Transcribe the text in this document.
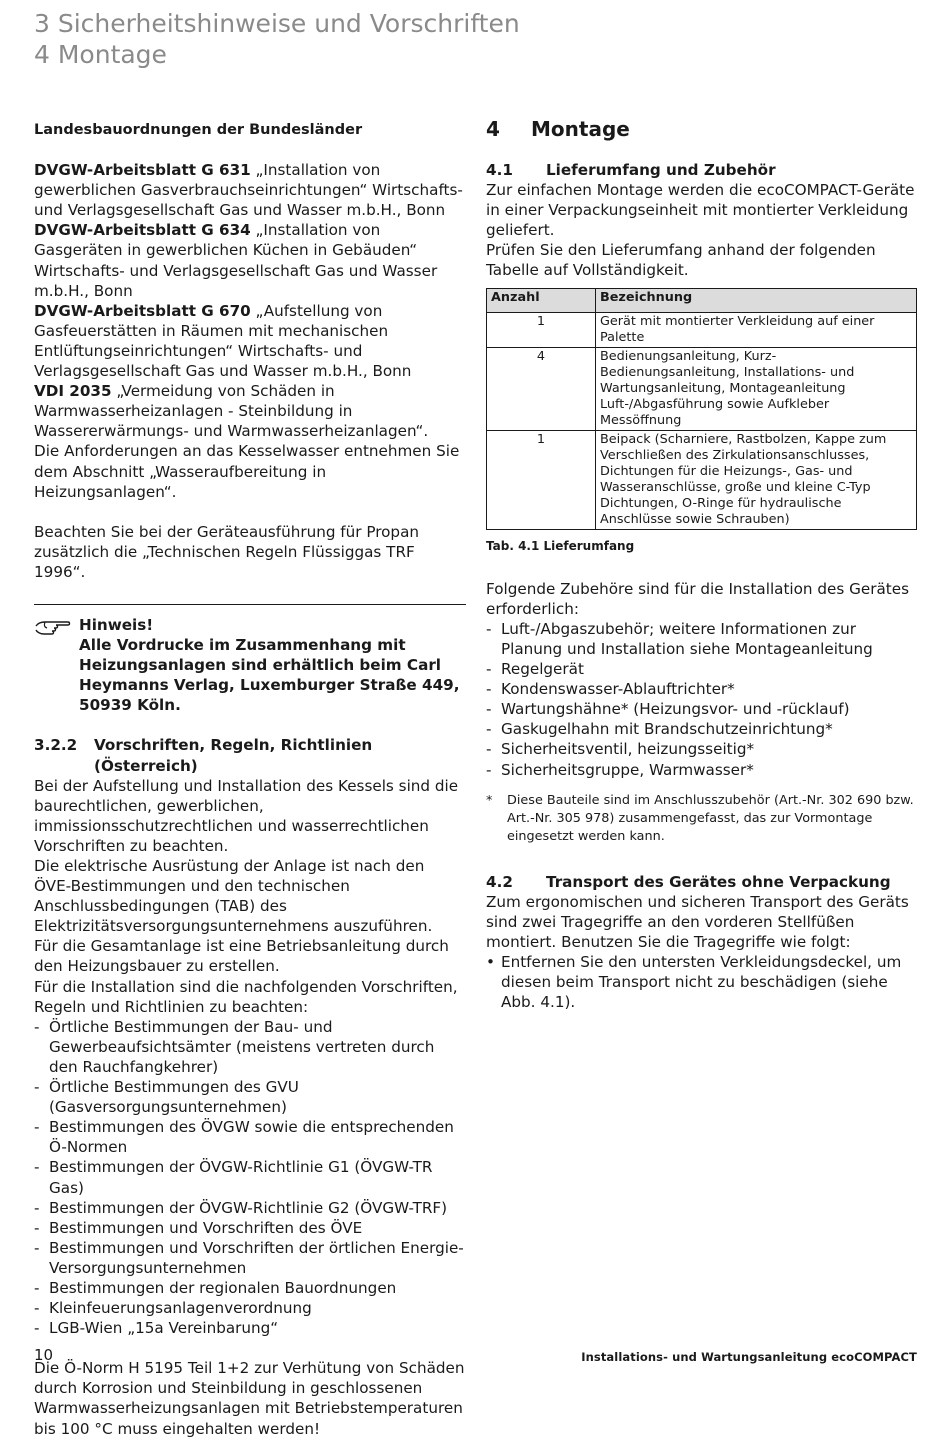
3 Sicherheitshinweise und Vorschriften
4 Montage

Landesbauordnungen der Bundesländer

DVGW-Arbeitsblatt G 631 „Installation von gewerblichen Gasverbrauchseinrichtungen“ Wirtschafts- und Verlagsgesellschaft Gas und Wasser m.b.H., Bonn

DVGW-Arbeitsblatt G 634 „Installation von Gasgeräten in gewerblichen Küchen in Gebäuden“ Wirtschafts- und Verlagsgesellschaft Gas und Wasser m.b.H., Bonn

DVGW-Arbeitsblatt G 670 „Aufstellung von Gasfeuerstätten in Räumen mit mechanischen Entlüftungseinrichtungen“ Wirtschafts- und Verlagsgesellschaft Gas und Wasser m.b.H., Bonn

VDI 2035 „Vermeidung von Schäden in Warmwasserheizanlagen - Steinbildung in Wassererwärmungs- und Warmwasserheizanlagen“.

Die Anforderungen an das Kesselwasser entnehmen Sie dem Abschnitt „Wasseraufbereitung in Heizungsanlagen“.

Beachten Sie bei der Geräteausführung für Propan zusätzlich die „Technischen Regeln Flüssiggas TRF 1996“.

Hinweis!

Alle Vordrucke im Zusammenhang mit Heizungsanlagen sind erhältlich beim Carl Heymanns Verlag, Luxemburger Straße 449, 50939 Köln.

3.2.2	Vorschriften, Regeln, Richtlinien (Österreich)

Bei der Aufstellung und Installation des Kessels sind die baurechtlichen, gewerblichen, immissionsschutzrechtlichen und wasserrechtlichen Vorschriften zu beachten.

Die elektrische Ausrüstung der Anlage ist nach den ÖVE-Bestimmungen und den technischen Anschlussbedingungen (TAB) des Elektrizitätsversorgungsunternehmens auszuführen.

Für die Gesamtanlage ist eine Betriebsanleitung durch den Heizungsbauer zu erstellen.

Für die Installation sind die nachfolgenden Vorschriften, Regeln und Richtlinien zu beachten:

- Örtliche Bestimmungen der Bau- und Gewerbeaufsichtsämter (meistens vertreten durch den Rauchfangkehrer)
- Örtliche Bestimmungen des GVU (Gasversorgungsunternehmen)
- Bestimmungen des ÖVGW sowie die entsprechenden Ö-Normen
- Bestimmungen der ÖVGW-Richtlinie G1 (ÖVGW-TR Gas)
- Bestimmungen der ÖVGW-Richtlinie G2 (ÖVGW-TRF)
- Bestimmungen und Vorschriften des ÖVE
- Bestimmungen und Vorschriften der örtlichen Energie-Versorgungsunternehmen
- Bestimmungen der regionalen Bauordnungen
- Kleinfeuerungsanlagenverordnung
- LGB-Wien „15a Vereinbarung“

Die Ö-Norm H 5195 Teil 1+2 zur Verhütung von Schäden durch Korrosion und Steinbildung in geschlossenen Warmwasserheizungsanlagen mit Betriebstemperaturen bis 100 °C muss eingehalten werden!

4	Montage
4.1	Lieferumfang und Zubehör

Zur einfachen Montage werden die ecoCOMPACT-Geräte in einer Verpackungseinheit mit montierter Verkleidung geliefert.

Prüfen Sie den Lieferumfang anhand der folgenden Tabelle auf Vollständigkeit.

Anzahl	Bezeichnung
1	Gerät mit montierter Verkleidung auf einer Palette
4	Bedienungsanleitung, Kurz-Bedienungsanleitung, Installations- und Wartungsanleitung, Montageanleitung Luft-/Abgasführung sowie Aufkleber Messöffnung
1	Beipack (Scharniere, Rastbolzen, Kappe zum Verschließen des Zirkulationsanschlusses, Dichtungen für die Heizungs-, Gas- und Wasseranschlüsse, große und kleine C-Typ Dichtungen, O-Ringe für hydraulische Anschlüsse sowie Schrauben)

Tab. 4.1 Lieferumfang

Folgende Zubehöre sind für die Installation des Gerätes erforderlich:

- Luft-/Abgaszubehör; weitere Informationen zur Planung und Installation siehe Montageanleitung
- Regelgerät
- Kondenswasser-Ablauftrichter*
- Wartungshähne* (Heizungsvor- und -rücklauf)
- Gaskugelhahn mit Brandschutzeinrichtung*
- Sicherheitsventil, heizungsseitig*
- Sicherheitsgruppe, Warmwasser*
*	Diese Bauteile sind im Anschlusszubehör (Art.-Nr. 302 690 bzw. Art.-Nr. 305 978) zusammengefasst, das zur Vormontage eingesetzt werden kann.
4.2	Transport des Gerätes ohne Verpackung

Zum ergonomischen und sicheren Transport des Geräts sind zwei Tragegriffe an den vorderen Stellfüßen montiert. Benutzen Sie die Tragegriffe wie folgt:

• Entfernen Sie den untersten Verkleidungsdeckel, um diesen beim Transport nicht zu beschädigen (siehe Abb. 4.1).
10	Installations- und Wartungsanleitung ecoCOMPACT
